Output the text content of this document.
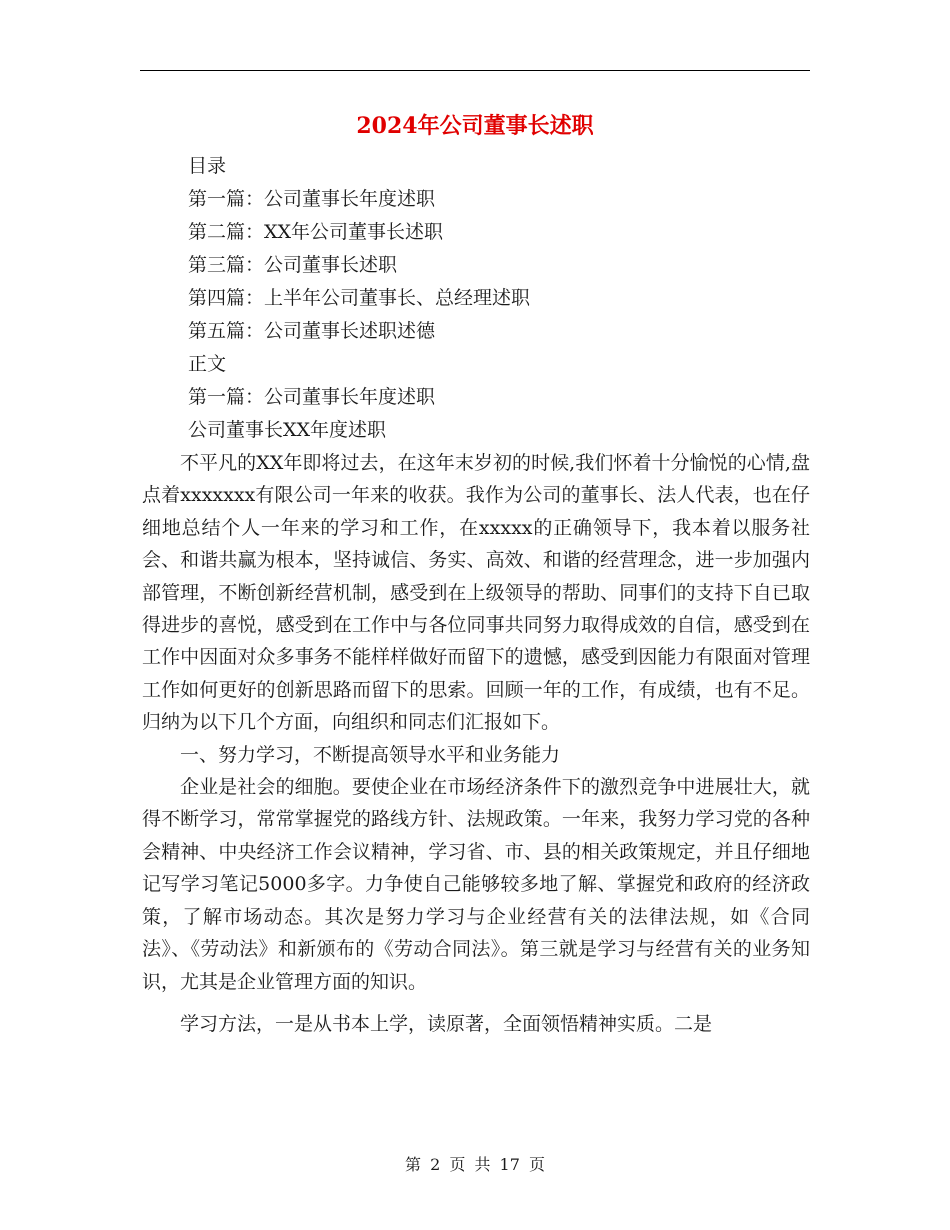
2024年公司董事长述职
目录
第一篇：公司董事长年度述职
第二篇：XX年公司董事长述职
第三篇：公司董事长述职
第四篇：上半年公司董事长、总经理述职
第五篇：公司董事长述职述德
正文
第一篇：公司董事长年度述职
公司董事长XX年度述职

不平凡的XX年即将过去，在这年末岁初的时候,我们怀着十分愉悦的心情,盘点着xxxxxxx有限公司一年来的收获。我作为公司的董事长、法人代表，也在仔细地总结个人一年来的学习和工作，在xxxxx的正确领导下，我本着以服务社会、和谐共赢为根本，坚持诚信、务实、高效、和谐的经营理念，进一步加强内部管理，不断创新经营机制，感受到在上级领导的帮助、同事们的支持下自已取得进步的喜悦，感受到在工作中与各位同事共同努力取得成效的自信，感受到在工作中因面对众多事务不能样样做好而留下的遗憾，感受到因能力有限面对管理工作如何更好的创新思路而留下的思索。回顾一年的工作，有成绩，也有不足。归纳为以下几个方面，向组织和同志们汇报如下。

一、努力学习，不断提高领导水平和业务能力

企业是社会的细胞。要使企业在市场经济条件下的激烈竞争中进展壮大，就得不断学习，常常掌握党的路线方针、法规政策。一年来，我努力学习党的各种会精神、中央经济工作会议精神，学习省、市、县的相关政策规定，并且仔细地记写学习笔记5000多字。力争使自己能够较多地了解、掌握党和政府的经济政策，了解市场动态。其次是努力学习与企业经营有关的法律法规，如《合同法》、《劳动法》和新颁布的《劳动合同法》。第三就是学习与经营有关的业务知识，尤其是企业管理方面的知识。

学习方法，一是从书本上学，读原著，全面领悟精神实质。二是

第 2 页 共 17 页
